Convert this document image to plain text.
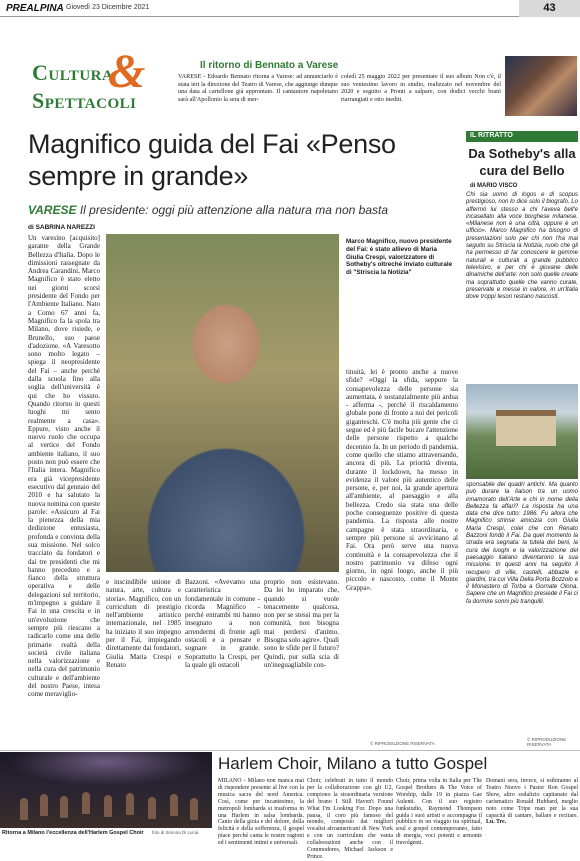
PREALPINA Giovedì 23 Dicembre 2021	43
Cultura
&
Spettacoli
Il ritorno di Bennato a Varese
VARESE - Edoardo Bennato ritorna a Varese: ad annunciarlo è stata ieri la direzione del Teatro di Varese, che aggiunge dunque una data al cartellone già approntato. Il cantautore napoletano sarà all'Apollonio la sera di mer-
coledì 25 maggio 2022 per presentare il suo album Non c'è, il suo ventesimo lavoro in studio, realizzato nel novembre del 2020 e seguito a Pronti a salpare, con dodici vecchi brani riarrangiati e otto inediti.
Magnifico guida del Fai «Penso sempre in grande»
VARESE Il presidente: oggi più attenzione alla natura ma non basta
di SABRINA NAREZZI
Un varesino [acquisito] garante della Grande Bellezza d'Italia. Dopo le dimissioni rassegnate da Andrea Carandini, Marco Magnifico è stato eletto nei giorni scorsi presidente del Fondo per l'Ambiente Italiano. Nato a Como 67 anni fa, Magnifico fa la spola tra Milano, dove risiede, e Brunello, suo paese d'adozione. «A Varesotto sono molto legato – spiega il neopresidente del Fai – anche perché dalla scuola fino alla soglia dell'università è qui che ho vissuto. Quando ritorno in questi luoghi mi sento realmente a casa». Eppure, visto anche il nuovo ruolo che occupa al vertice del Fondo ambiente italiano, il suo posto non può essere che l'Italia intera. Magnifico era già vicepresidente esecutivo dal gennaio del 2010 e ha salutato la nuova nomina con queste parole: «Assicuro al Fai la pienezza della mia dedizione entusiasta, profonda e convinta della sua missione. Nel solco tracciato da fondatori e dai tre presidenti che mi hanno preceduto e a fianco della struttura operativa e delle delegazioni sul territorio, m'impegno a guidare il Fai in una crescita e in un'evoluzione che sempre più riescano a radicarlo come una delle primarie realtà della società civile italiana nella valorizzazione e nella cura del patrimonio culturale e dell'ambiente del nostro Paese, intesa come meraviglio-
e inscindibile unione di natura, arte, cultura e storia». Magnifico, con un curriculum di prestigio nell'ambiente artistico internazionale, nel 1985 ha iniziato il suo impegno per il Fai, impiegando direttamente dai fondatori, Giulia Maria Crespi e Renato
Bazzoni. «Avevamo una caratteristica fondamentale in comune - ricorda Magnifico - perché entrambi mi hanno insegnato a non arrendermi di fronte agli ostacoli e a pensare e sognare in grande. Soprattutto la Crespi, per la quale gli ostacoli
proprio non esistevano. Da lei ho imparato che, quando si vuole tenacemente qualcosa, non per se stessi ma per la comunità, non bisogna mai perdersi d'animo. Bisogna solo agire». Quali sono le sfide per il futuro? Quindi, pur sulla scia di un'ineguagliabile con-
Marco Magnifico, nuovo presidente del Fai: è stato allievo di Maria Giulia Crespi, valorizzatore di Sotheby's oltreché inviato culturale di "Striscia la Notizia"
tinuità, lei è pronto anche a nuove sfide? «Oggi la sfida, seppure la consapevolezza delle persone sia aumentata, è sostanzialmente più ardua - afferma -, perché il riscaldamento globale pone di fronte a noi dei pericoli giganteschi. C'è molta più gente che ci segue ed è più facile bucare l'attenzione delle persone rispetto a qualche decennio fa. In un periodo di pandemia, come quello che stiamo attraversando, ancora di più. La priorità diventa, durante il lockdown, ha messo in evidenza il valore più autentico delle persone, e, per noi, la grande apertura all'ambiente, al paesaggio e alla bellezza. Credo sia stata una delle poche conseguenze positive di questa pandemia. La risposta alle nostre campagne è stata straordinaria, e sempre più persone si avvicinano al Fai. Ora però serve una nuova continuità e la consapevolezza che il nostro patrimonio va difeso ogni giorno, in ogni luogo, anche il più piccolo e nascosto, come il Monte Grappa».
© RIPRODUZIONE RISERVATA
IL RITRATTO
Da Sotheby's alla cura del Bello
di MARIO VISCO
Chi sia uomo di logos e di scopus prestigioso, non lo dice solo il biografo. Lo affermò lui stesso a chi l'aveva bell'e incasellato alla voce borghese milanese. «Milanese non è una città, oppure è un ufficio». Marco Magnifico ha bisogno di presentazioni solo per chi non l'ha mai seguito su Striscia la Notizia, ruolo che gli ha permesso di far conoscere le gemme naturali e culturali a grande pubblico televisivo, e per chi è giovane delle dinamiche dell'arte: non solo quelle create ma soprattutto quelle che vanno curate, preservate e messe in valore, in un'Italia dove troppi tesori restano nascosti.
sponsabile dei quadri antichi. Ma quanto può durare la liaison tra un uomo innamorato dell'Arte e chi in nome della Bellezza fa affari? La risposta ha una data che dice tutto: 1986. Fu allora che Magnifico strinse amicizia con Giulia Maria Crespi, colei che con Renato Bazzoni fondò il Fai. Da quel momento la strada era segnata: la tutela dei beni, la cura dei luoghi e la valorizzazione del paesaggio italiano diventarono la sua missione. In questi anni ha seguito il recupero di ville, castelli, abbazie e giardini, tra cui Villa Della Porta Bozzolo e il Monastero di Torba a Gornate Olona. Sapere che un Magnifico presiede il Fai ci fa dormire sonni più tranquilli.
© RIPRODUZIONE RISERVATA
Ritorna a Milano l'eccellenza dell'Harlem Gospel Choir foto di Simona Di Lucia
Harlem Choir, Milano a tutto Gospel
MILANO - Milano non manca mai di rispondere presente al live con la musica sacra del nord America. Così, come per incantesimo, la metropoli lombarda si trasforma in una Harlem in salsa lombarda. Canto della gioia e del dolore, della felicità e della sofferenza, il gospel piace perché canta le nostre ragioni ed i sentimenti intimi e universali.
Choir, celebrati in tutto il mondo per la collaborazione con gli U2, compiono la straordinaria versione del brano I Still Haven't Found What I'm Looking For. Dopo una pausa, il coro più famoso del mondo, composto dai migliori vocalist afroamericani di New York e con un curriculum che vanta collaborazioni anche con il Commodores, Michael Jackson e Prince.
Choir, prima volta in Italia per The Gospel Brothers & The Voice of Worship, dalle 19 in piazza Gae Aulenti. Con il suo registro funkstudio, Raymond Thompson guida i suoi artisti e accompagna il pubblico in un viaggio tra spiritual, soul e gospel contemporaneo, fatto di energia, voci potenti e armonie travolgenti.
Domani sera, invece, si esibiranno al Teatro Nuovo i Pastor Ron Gospel Show, altro sodalizio capitanato dal carismatico Ronald Hubbard, meglio noto come Tripe man per la sua capacità di cantare, ballare e recitare. Lu. Tre.
